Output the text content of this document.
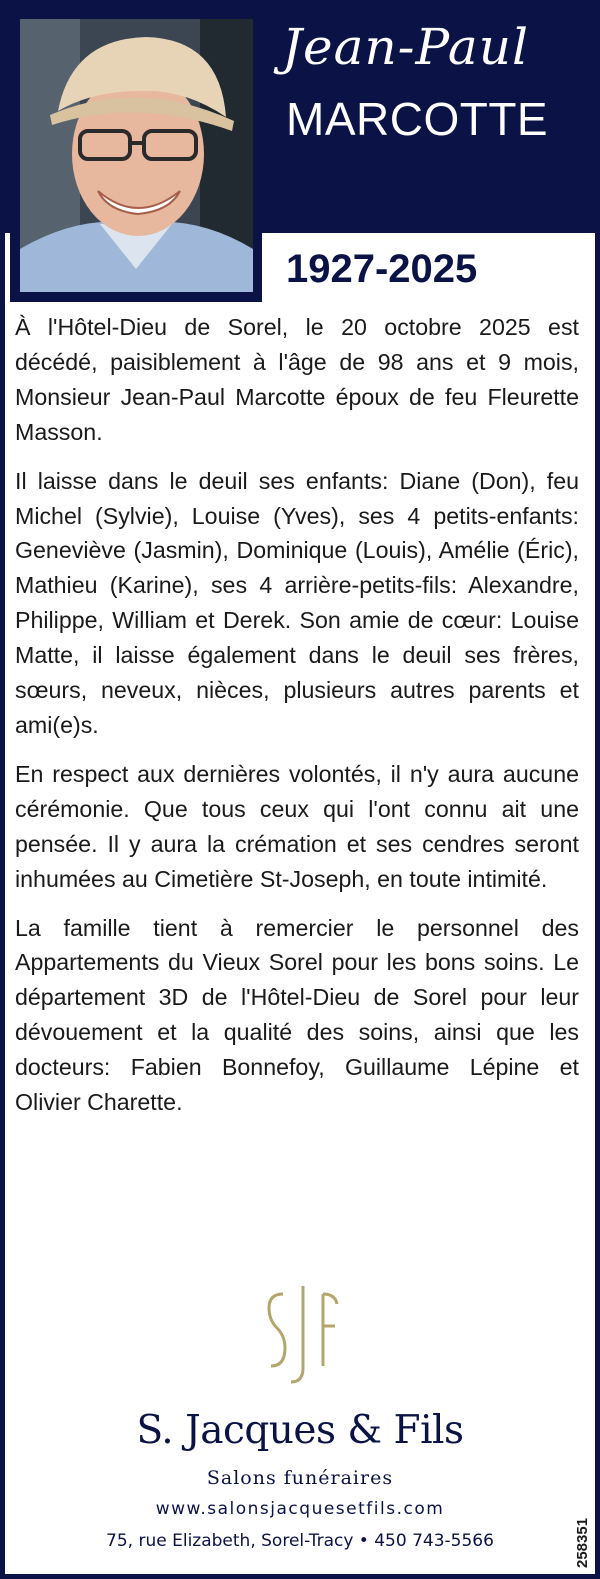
Jean-Paul
MARCOTTE
1927-2025

À l'Hôtel-Dieu de Sorel, le 20 octobre 2025 est décédé, paisiblement à l'âge de 98 ans et 9 mois, Monsieur Jean-Paul Marcotte époux de feu Fleurette Masson.

Il laisse dans le deuil ses enfants: Diane (Don), feu Michel (Sylvie), Louise (Yves), ses 4 petits-enfants: Geneviève (Jasmin), Dominique (Louis), Amélie (Éric), Mathieu (Karine), ses 4 arrière-petits-fils: Alexandre, Philippe, William et Derek. Son amie de cœur: Louise Matte, il laisse également dans le deuil ses frères, sœurs, neveux, nièces, plusieurs autres parents et ami(e)s.

En respect aux dernières volontés, il n'y aura aucune cérémonie. Que tous ceux qui l'ont connu ait une pensée. Il y aura la crémation et ses cendres seront inhumées au Cimetière St-Joseph, en toute intimité.

La famille tient à remercier le personnel des Appartements du Vieux Sorel pour les bons soins. Le département 3D de l'Hôtel-Dieu de Sorel pour leur dévouement et la qualité des soins, ainsi que les docteurs: Fabien Bonnefoy, Guillaume Lépine et Olivier Charette.

S. Jacques & Fils
Salons funéraires
www.salonsjacquesetfils.com
75, rue Elizabeth, Sorel-Tracy • 450 743-5566	258351
